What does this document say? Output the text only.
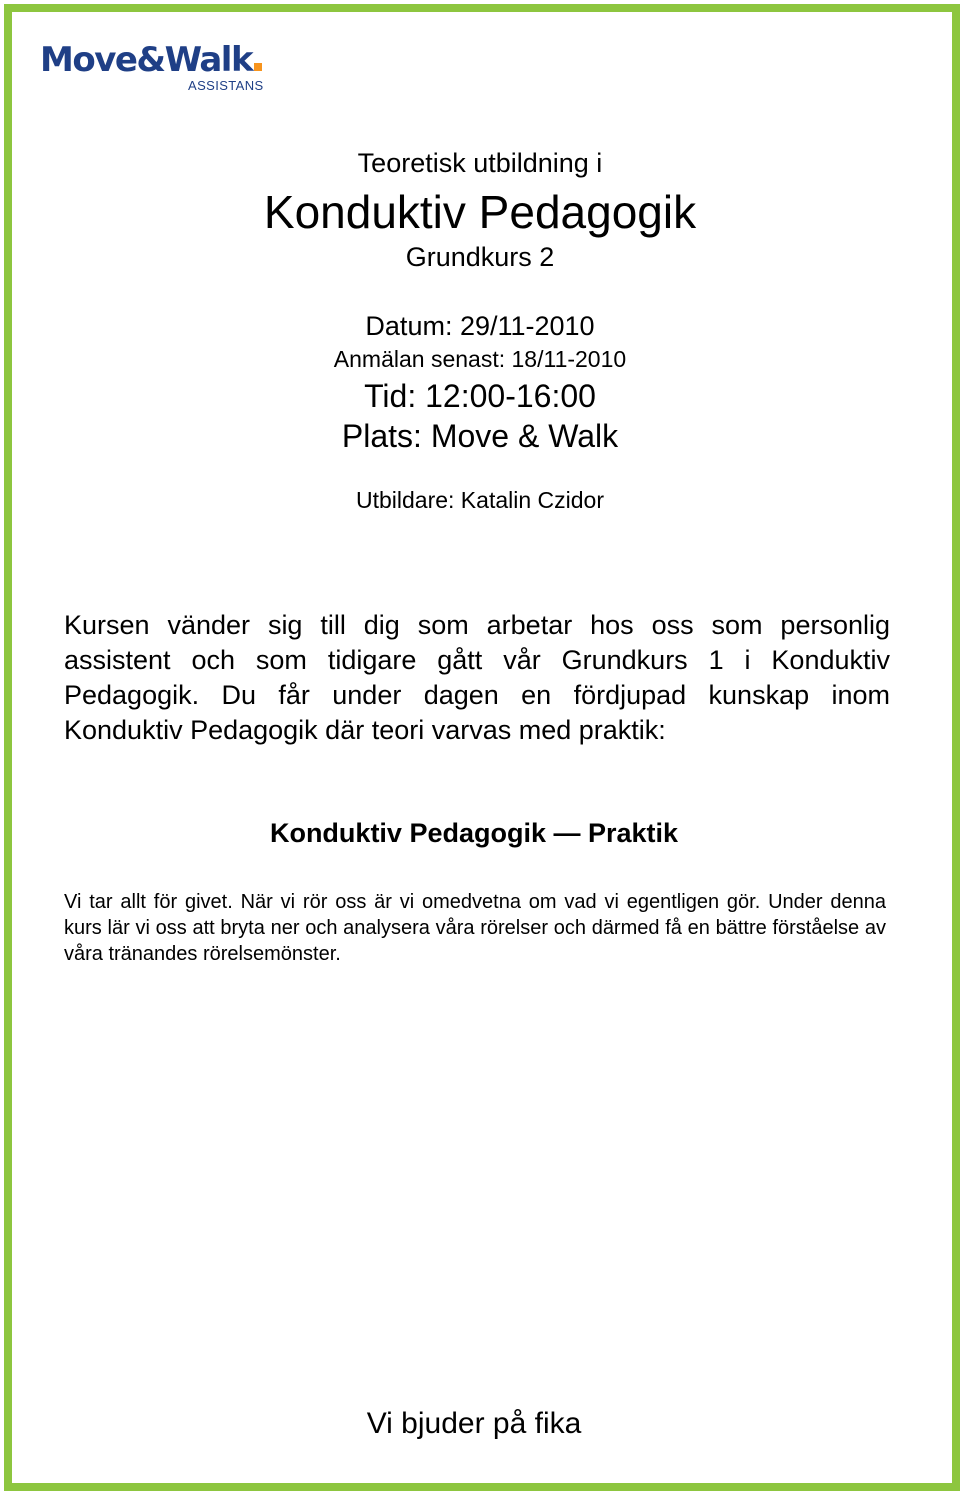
Move&Walk
ASSISTANS
Teoretisk utbildning i
Konduktiv Pedagogik
Grundkurs 2
Datum: 29/11-2010
Anmälan senast: 18/11-2010
Tid: 12:00-16:00
Plats: Move & Walk
Utbildare: Katalin Czidor
Kursen vänder sig till dig som arbetar hos oss som personlig assistent och som tidigare gått vår Grundkurs 1 i Konduktiv Pedagogik. Du får under dagen en fördjupad kunskap inom Konduktiv Pedagogik där teori varvas med praktik:
Konduktiv Pedagogik — Praktik
Vi tar allt för givet. När vi rör oss är vi omedvetna om vad vi egentligen gör. Under denna kurs lär vi oss att bryta ner och analysera våra rörelser och därmed få en bättre förståelse av våra tränandes rörelsemönster.
Vi bjuder på fika
